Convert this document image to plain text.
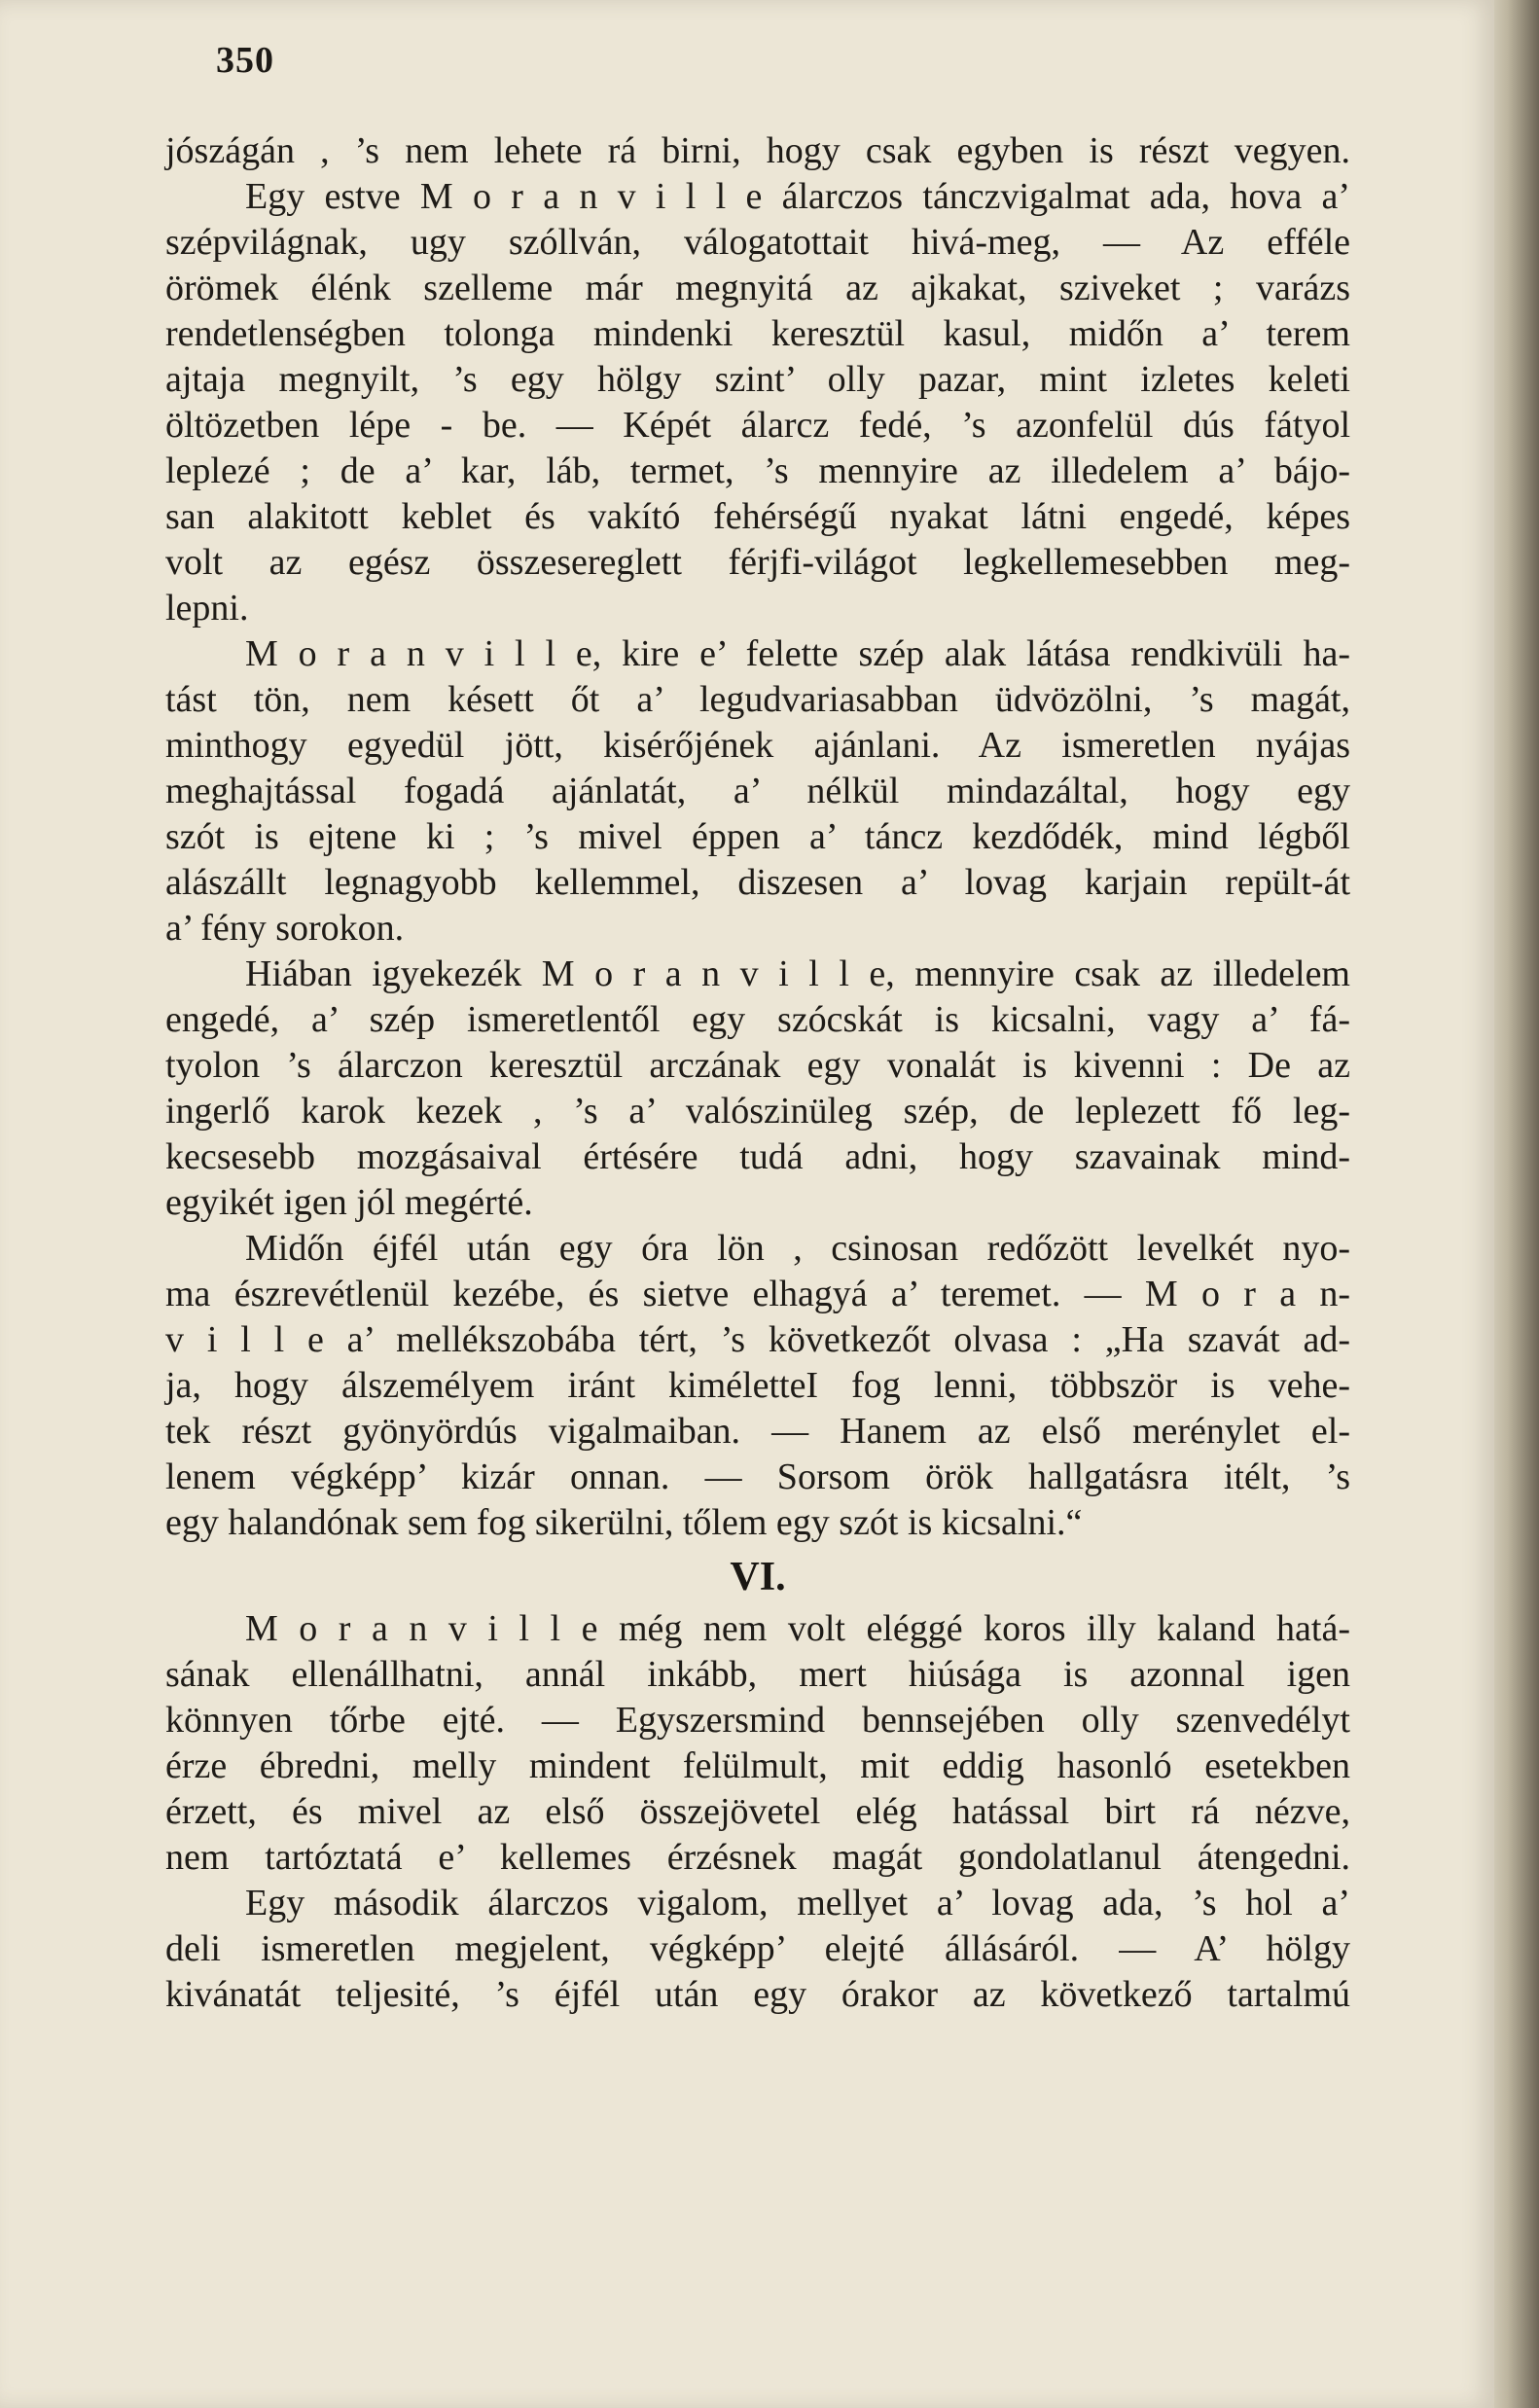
350
jószágán , ’s nem lehete rá birni, hogy csak egyben is részt vegyen.
Egy estve M o r a n v i l l e álarczos tánczvigalmat ada, hova a’
szépvilágnak, ugy szóllván, válogatottait hivá-meg, — Az efféle
örömek élénk szelleme már megnyitá az ajkakat, sziveket ; varázs
rendetlenségben tolonga mindenki keresztül kasul, midőn a’ terem
ajtaja megnyilt, ’s egy hölgy szint’ olly pazar, mint izletes keleti
öltözetben lépe - be. — Képét álarcz fedé, ’s azonfelül dús fátyol
leplezé ; de a’ kar, láb, termet, ’s mennyire az illedelem a’ bájo-
san alakitott keblet és vakító fehérségű nyakat látni engedé, képes
volt az egész összesereglett férjfi-világot legkellemesebben meg-
lepni.
M o r a n v i l l e, kire e’ felette szép alak látása rendkivüli ha-
tást tön, nem késett őt a’ legudvariasabban üdvözölni, ’s magát,
minthogy egyedül jött, kisérőjének ajánlani. Az ismeretlen nyájas
meghajtással fogadá ajánlatát, a’ nélkül mindazáltal, hogy egy
szót is ejtene ki ; ’s mivel éppen a’ táncz kezdődék, mind légből
alászállt legnagyobb kellemmel, diszesen a’ lovag karjain repült-át
a’ fény sorokon.
Hiában igyekezék M o r a n v i l l e, mennyire csak az illedelem
engedé, a’ szép ismeretlentől egy szócskát is kicsalni, vagy a’ fá-
tyolon ’s álarczon keresztül arczának egy vonalát is kivenni : De az
ingerlő karok kezek , ’s a’ valószinüleg szép, de leplezett fő leg-
kecsesebb mozgásaival értésére tudá adni, hogy szavainak mind-
egyikét igen jól megérté.
Midőn éjfél után egy óra lön , csinosan redőzött levelkét nyo-
ma észrevétlenül kezébe, és sietve elhagyá a’ teremet. — M o r a n-
v i l l e a’ mellékszobába tért, ’s következőt olvasa : „Ha szavát ad-
ja, hogy álszemélyem iránt kiméletteI fog lenni, többször is vehe-
tek részt gyönyördús vigalmaiban. — Hanem az első merénylet el-
lenem végképp’ kizár onnan. — Sorsom örök hallgatásra itélt, ’s
egy halandónak sem fog sikerülni, tőlem egy szót is kicsalni.“
VI.
M o r a n v i l l e még nem volt eléggé koros illy kaland hatá-
sának ellenállhatni, annál inkább, mert hiúsága is azonnal igen
könnyen tőrbe ejté. — Egyszersmind bennsejében olly szenvedélyt
érze ébredni, melly mindent felülmult, mit eddig hasonló esetekben
érzett, és mivel az első összejövetel elég hatással birt rá nézve,
nem tartóztatá e’ kellemes érzésnek magát gondolatlanul átengedni.
Egy második álarczos vigalom, mellyet a’ lovag ada, ’s hol a’
deli ismeretlen megjelent, végképp’ elejté állásáról. — A’ hölgy
kivánatát teljesité, ’s éjfél után egy órakor az következő tartalmú
